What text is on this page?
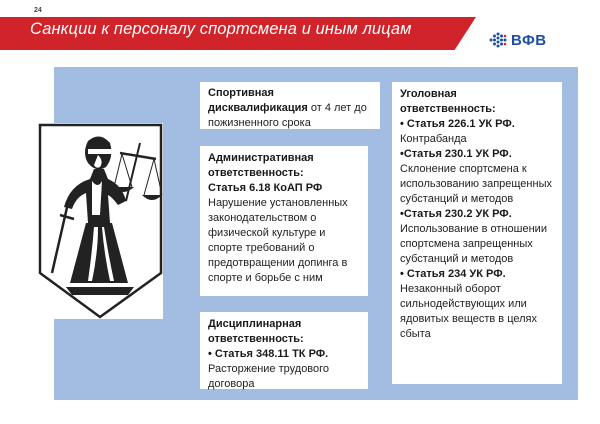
24
Санкции к персоналу спортсмена и иным лицам
ВФВ
Спортивная дисквалификация от 4 лет до пожизненного срока
Административная ответственность:
Статья 6.18 КоАП РФ
Нарушение установленных законодательством о физической культуре и спорте требований о предотвращении допинга в спорте и борьбе с ним
Дисциплинарная ответственность:
• Статья 348.11 ТК РФ.
Расторжение трудового договора
Уголовная ответственность:
• Статья 226.1 УК РФ.
Контрабанда
•Статья 230.1 УК РФ.
Склонение спортсмена к использованию запрещенных субстанций и методов
•Статья 230.2 УК РФ.
Использование в отношении спортсмена запрещенных субстанций и методов
• Статья 234 УК РФ.
Незаконный оборот сильнодействующих или ядовитых веществ в целях сбыта
